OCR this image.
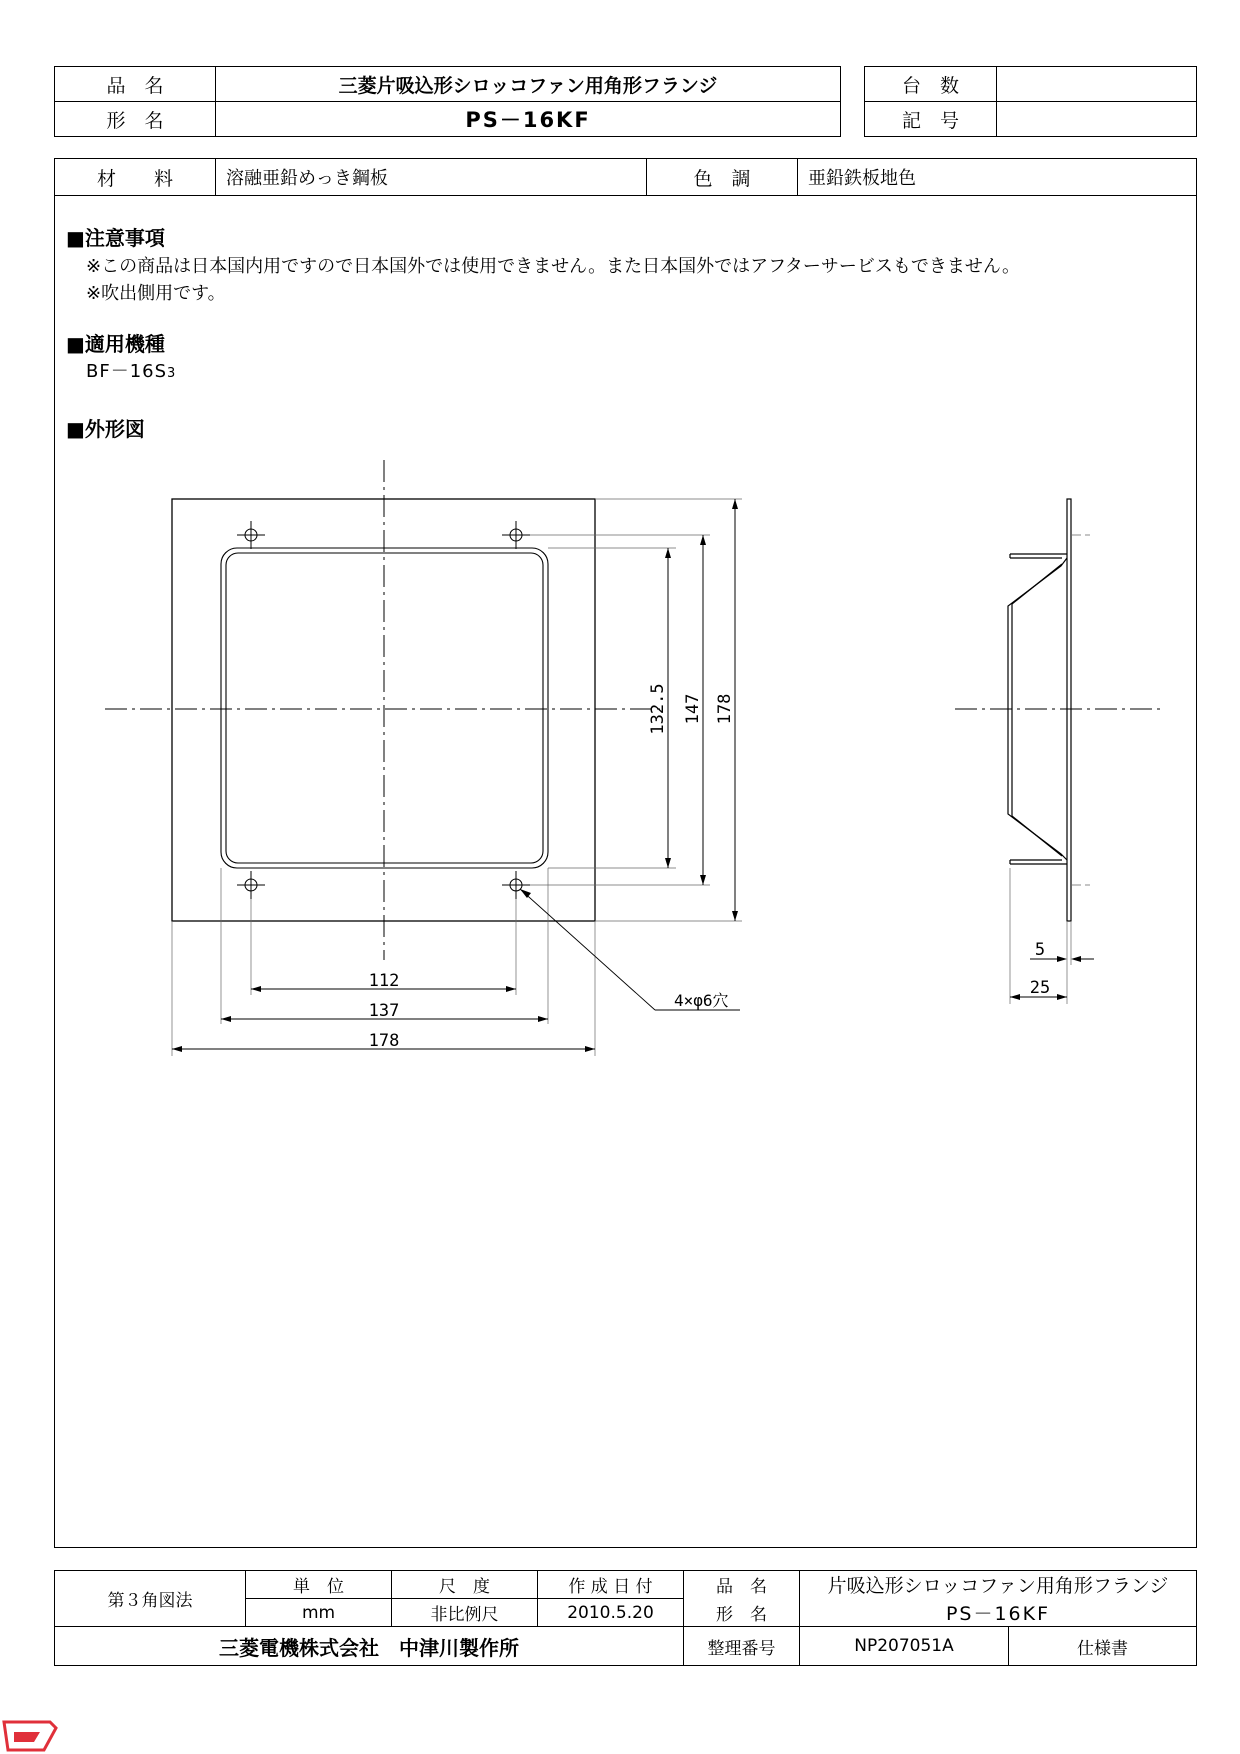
品　名	三菱片吸込形シロッコファン用角形フランジ
形　名	PS－16KF
台　数	
記　号	
材　　料	溶融亜鉛めっき鋼板	色　調	亜鉛鉄板地色
■注意事項
※この商品は日本国内用ですので日本国外では使用できません。また日本国外ではアフターサービスもできません。
※吹出側用です。
■適用機種
BF－16S3
■外形図
112
137
178
132.5 147 178
4×φ6穴
5
25
第３角図法	単　位	尺　度	作 成 日 付	品　名	片吸込形シロッコファン用角形フランジ	
	mm	非比例尺	2010.5.20	形　名	PS－16KF	
三菱電機株式会社　中津川製作所				整理番号	NP207051A	仕様書
